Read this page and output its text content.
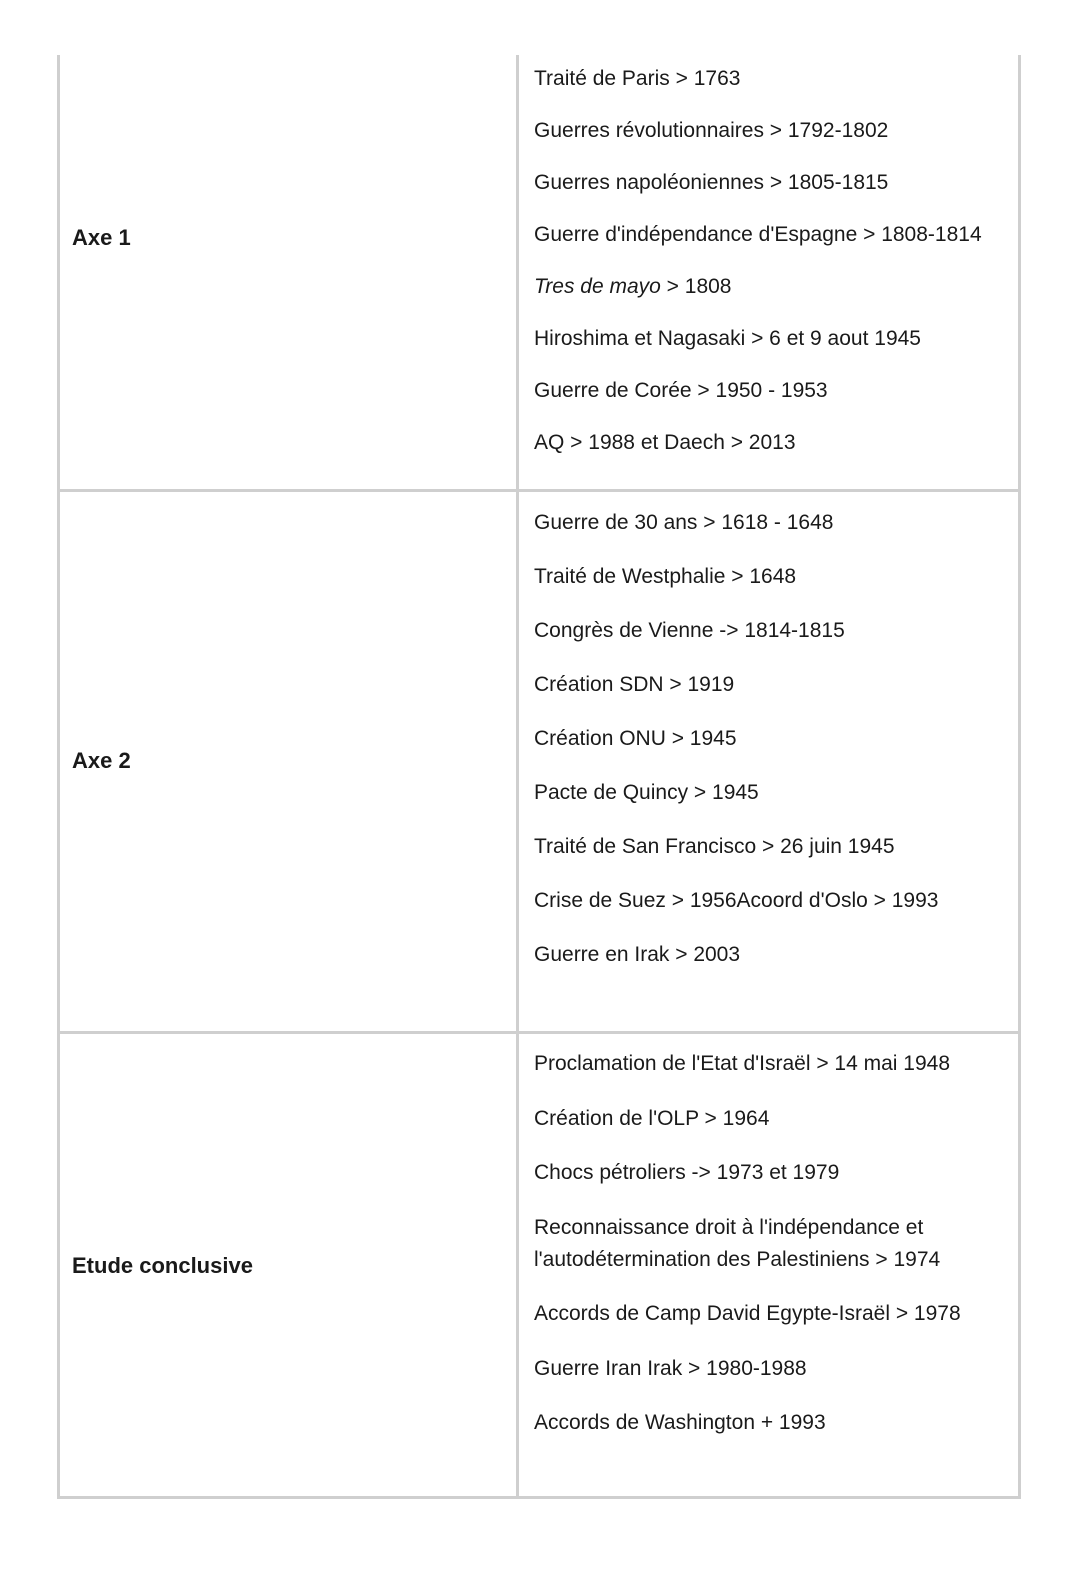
Axe 1

Traité de Paris > 1763

Guerres révolutionnaires > 1792-1802

Guerres napoléoniennes > 1805-1815

Guerre d'indépendance d'Espagne > 1808-1814

Tres de mayo > 1808

Hiroshima et Nagasaki > 6 et 9 aout 1945

Guerre de Corée > 1950 - 1953

AQ > 1988 et Daech > 2013

Axe 2

Guerre de 30 ans > 1618 - 1648

Traité de Westphalie > 1648

Congrès de Vienne -> 1814-1815

Création SDN > 1919

Création ONU > 1945

Pacte de Quincy > 1945

Traité de San Francisco > 26 juin 1945

Crise de Suez > 1956Acoord d'Oslo > 1993

Guerre en Irak > 2003

Etude conclusive

Proclamation de l'Etat d'Israël > 14 mai 1948

Création de l'OLP > 1964

Chocs pétroliers -> 1973 et 1979

Reconnaissance droit à l'indépendance et l'autodétermination des Palestiniens > 1974

Accords de Camp David Egypte-Israël > 1978

Guerre Iran Irak > 1980-1988

Accords de Washington + 1993
